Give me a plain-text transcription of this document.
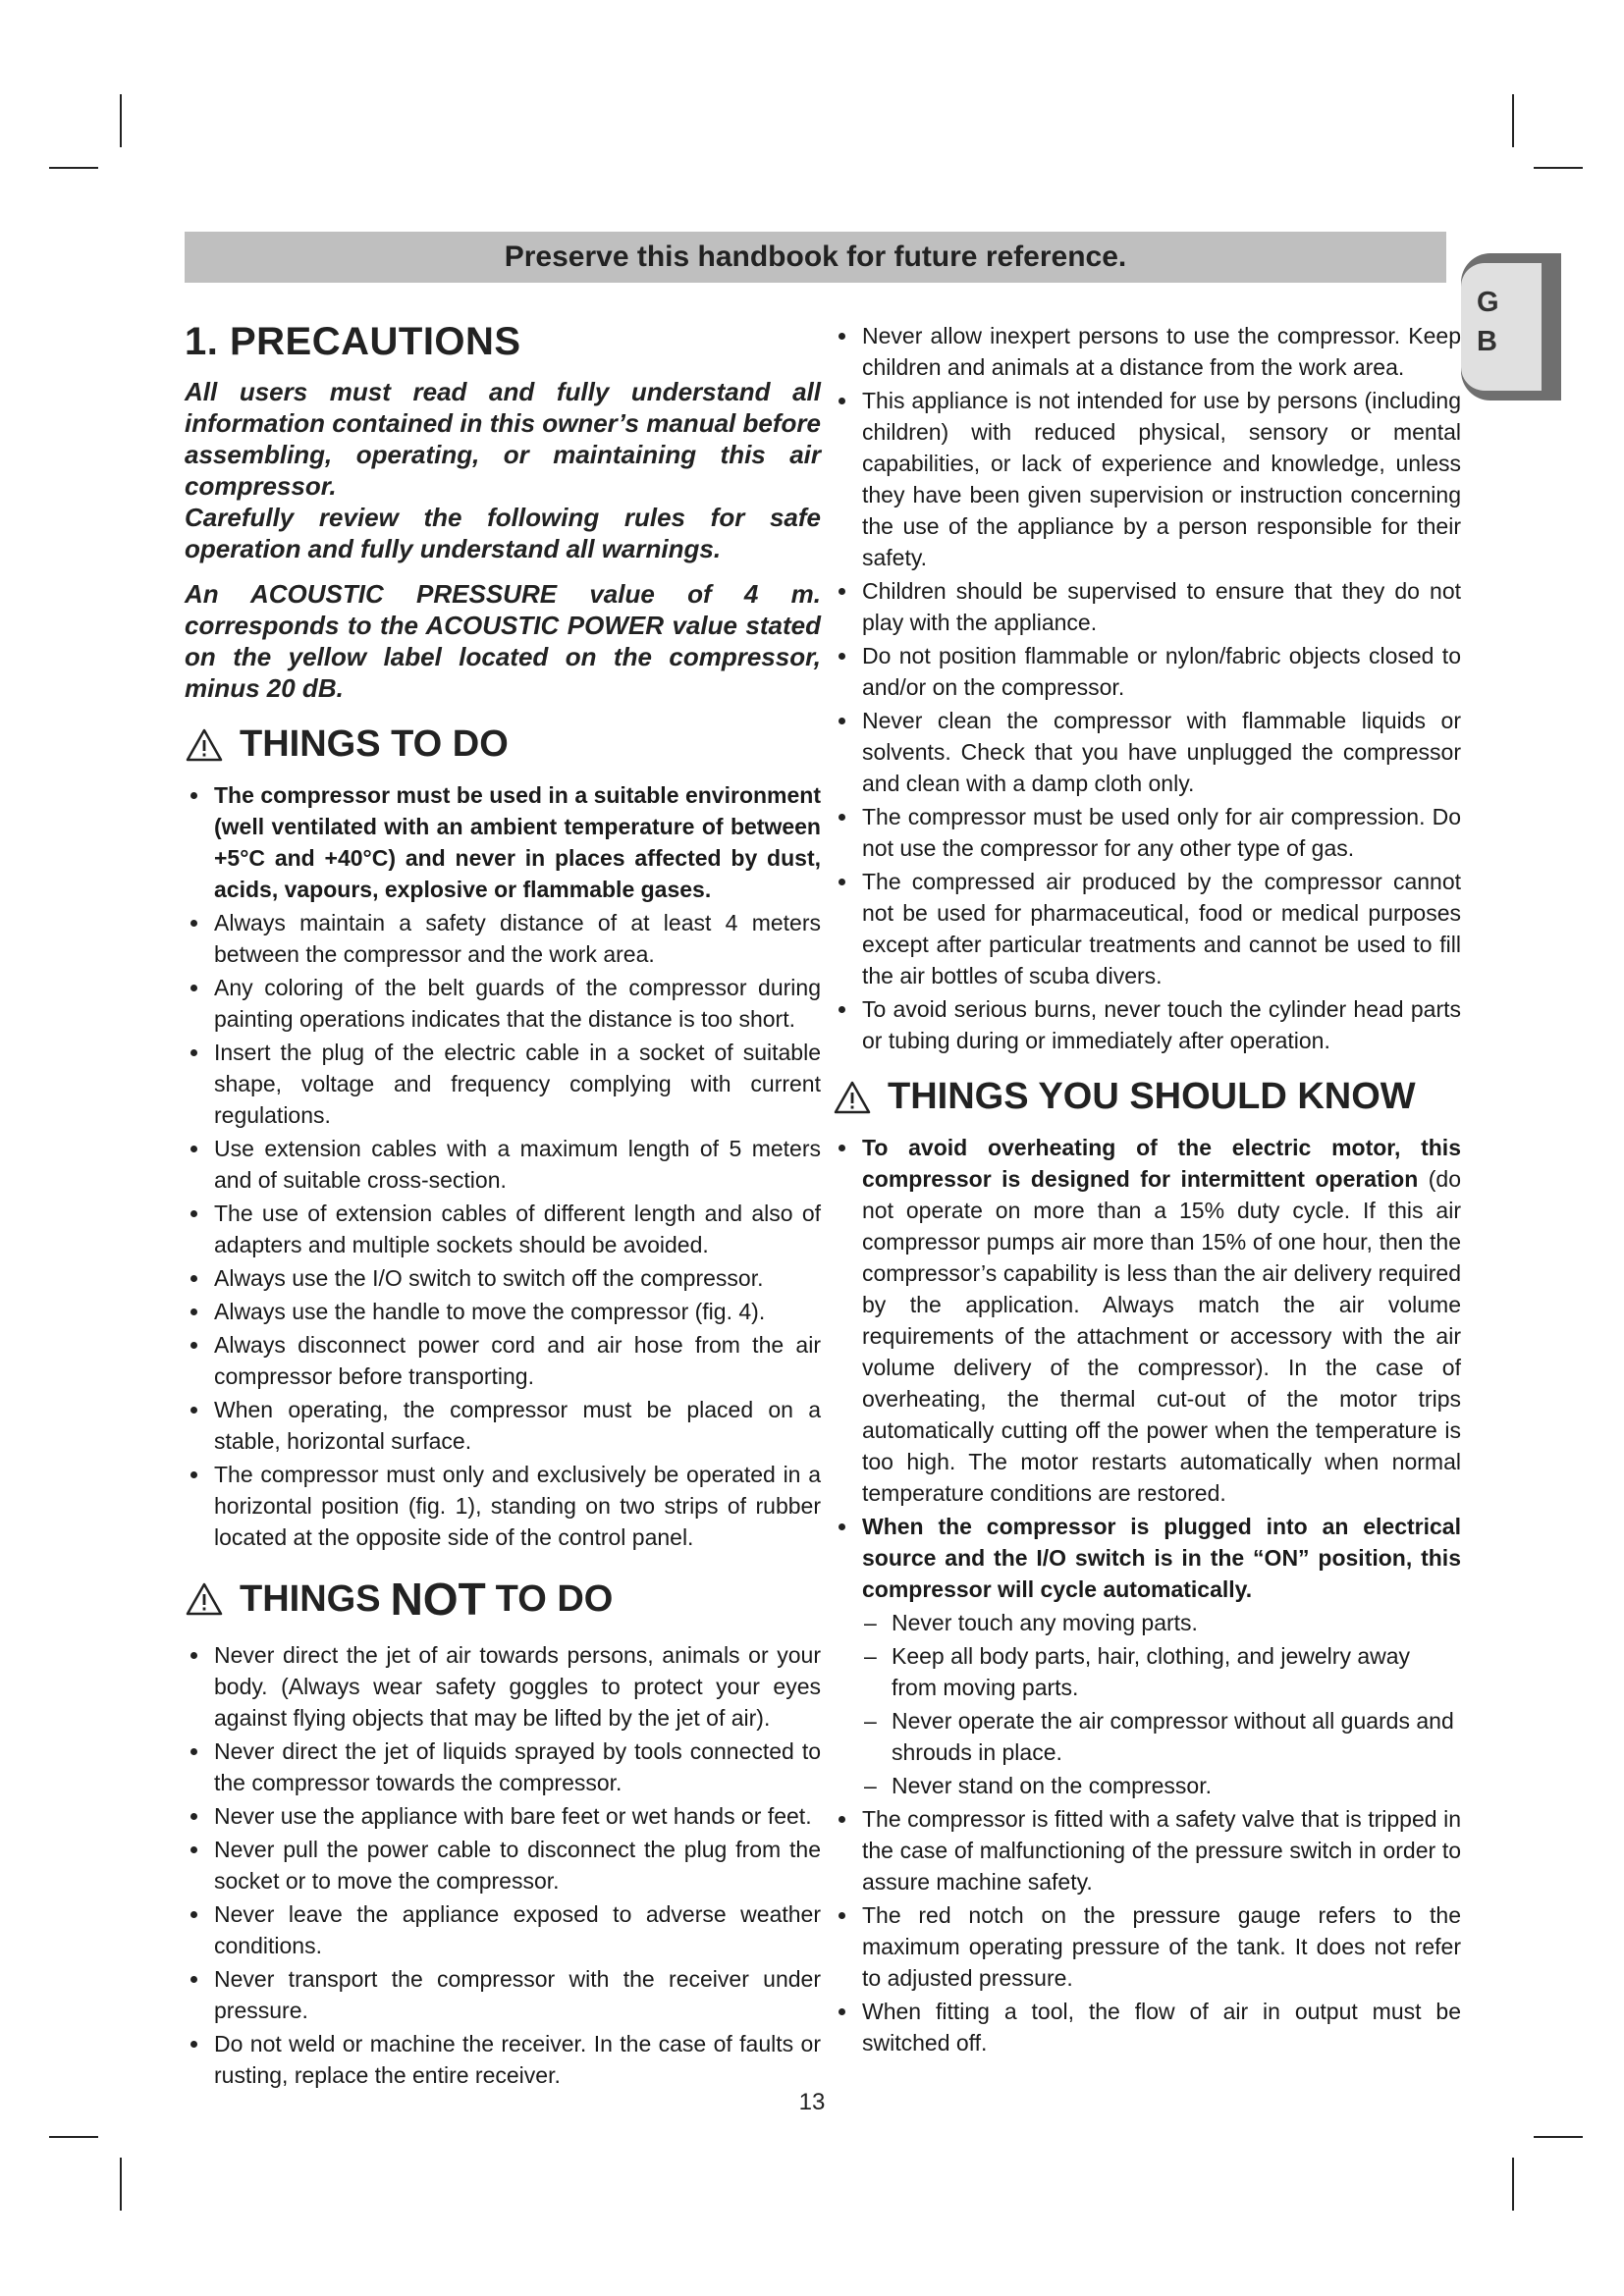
Preserve this handbook for future reference.
G
B
1. PRECAUTIONS

All users must read and fully understand all information contained in this owner’s manual before assembling, operating, or maintaining this air compressor.

Carefully review the following rules for safe operation and fully understand all warnings.

An ACOUSTIC PRESSURE value of 4 m. corresponds to the ACOUSTIC POWER value stated on the yellow label located on the compressor, minus 20 dB.

THINGS TO DO
The compressor must be used in a suitable environment (well ventilated with an ambient temperature of between +5°C and +40°C) and never in places affected by dust, acids, vapours, explosive or flammable gases.
Always maintain a safety distance of at least 4 meters between the compressor and the work area.
Any coloring of the belt guards of the compressor during painting operations indicates that the distance is too short.
Insert the plug of the electric cable in a socket of suitable shape, voltage and frequency complying with current regulations.
Use extension cables with a maximum length of 5 meters and of suitable cross-section.
The use of extension cables of different length and also of adapters and multiple sockets should be avoided.
Always use the I/O switch to switch off the compressor.
Always use the handle to move the compressor (fig. 4).
Always disconnect power cord and air hose from the air compressor before transporting.
When operating, the compressor must be placed on a stable, horizontal surface.
The compressor must only and exclusively be operated in a horizontal position (fig. 1), standing on two strips of rubber located at the opposite side of the control panel.
THINGS NOT TO DO
Never direct the jet of air towards persons, animals or your body. (Always wear safety goggles to protect your eyes against flying objects that may be lifted by the jet of air).
Never direct the jet of liquids sprayed by tools connected to the compressor towards the compressor.
Never use the appliance with bare feet or wet hands or feet.
Never pull the power cable to disconnect the plug from the socket or to move the compressor.
Never leave the appliance exposed to adverse weather conditions.
Never transport the compressor with the receiver under pressure.
Do not weld or machine the receiver. In the case of faults or rusting, replace the entire receiver.
Never allow inexpert persons to use the compressor. Keep children and animals at a distance from the work area.
This appliance is not intended for use by persons (including children) with reduced physical, sensory or mental capabilities, or lack of experience and knowledge, unless they have been given supervision or instruction concerning the use of the appliance by a person responsible for their safety.
Children should be supervised to ensure that they do not play with the appliance.
Do not position flammable or nylon/fabric objects closed to and/or on the compressor.
Never clean the compressor with flammable liquids or solvents. Check that you have unplugged the compressor and clean with a damp cloth only.
The compressor must be used only for air compression. Do not use the compressor for any other type of gas.
The compressed air produced by the compressor cannot not be used for pharmaceutical, food or medical purposes except after particular treatments and cannot be used to fill the air bottles of scuba divers.
To avoid serious burns, never touch the cylinder head parts or tubing during or immediately after operation.
THINGS YOU SHOULD KNOW
To avoid overheating of the electric motor, this compressor is designed for intermittent operation (do not operate on more than a 15% duty cycle. If this air compressor pumps air more than 15% of one hour, then the compressor’s capability is less than the air delivery required by the application. Always match the air volume requirements of the attachment or accessory with the air volume delivery of the compressor). In the case of overheating, the thermal cut-out of the motor trips automatically cutting off the power when the temperature is too high. The motor restarts automatically when normal temperature conditions are restored.
When the compressor is plugged into an electrical source and the I/O switch is in the “ON” position, this compressor will cycle automatically.
– Never touch any moving parts.
– Keep all body parts, hair, clothing, and jewelry away from moving parts.
– Never operate the air compressor without all guards and shrouds in place.
– Never stand on the compressor.
The compressor is fitted with a safety valve that is tripped in the case of malfunctioning of the pressure switch in order to assure machine safety.
The red notch on the pressure gauge refers to the maximum operating pressure of the tank. It does not refer to adjusted pressure.
When fitting a tool, the flow of air in output must be switched off.
13
